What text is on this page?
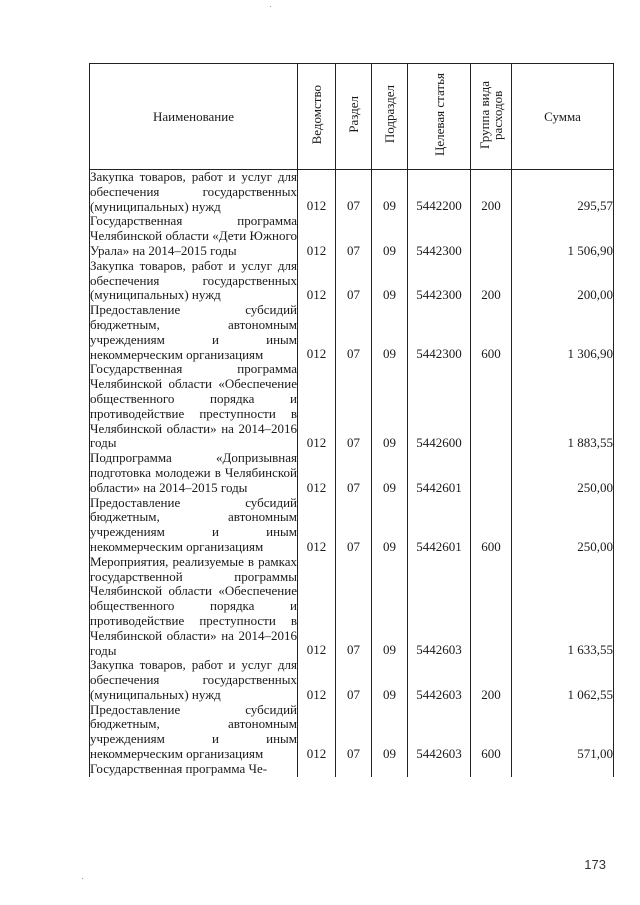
Наименование	Ведомство	Раздел	Подраздел	Целевая статья	Группа вида
расходов	Сумма
Закупка товаров, работ и услуг для обеспечения государственных (муниципальных) нужд	012	07	09	5442200	200	295,57
Государственная программа Челябинской области «Дети Южного Урала» на 2014–2015 годы	012	07	09	5442300		1 506,90
Закупка товаров, работ и услуг для обеспечения государственных (муниципальных) нужд	012	07	09	5442300	200	200,00
Предоставление субсидий бюджетным, автономным учреждениям и иным некоммерческим организациям	012	07	09	5442300	600	1 306,90
Государственная программа Челябинской области «Обеспечение общественного порядка и противодействие преступности в Челябинской области» на 2014–2016 годы	012	07	09	5442600		1 883,55
Подпрограмма «Допризывная подготовка молодежи в Челябинской области» на 2014–2015 годы	012	07	09	5442601		250,00
Предоставление субсидий бюджетным, автономным учреждениям и иным некоммерческим организациям	012	07	09	5442601	600	250,00
Мероприятия, реализуемые в рамках государственной программы Челябинской области «Обеспечение общественного порядка и противодействие преступности в Челябинской области» на 2014–2016 годы	012	07	09	5442603		1 633,55
Закупка товаров, работ и услуг для обеспечения государственных (муниципальных) нужд	012	07	09	5442603	200	1 062,55
Предоставление субсидий бюджетным, автономным учреждениям и иным некоммерческим организациям	012	07	09	5442603	600	571,00
Государственная программа Че-						
173
